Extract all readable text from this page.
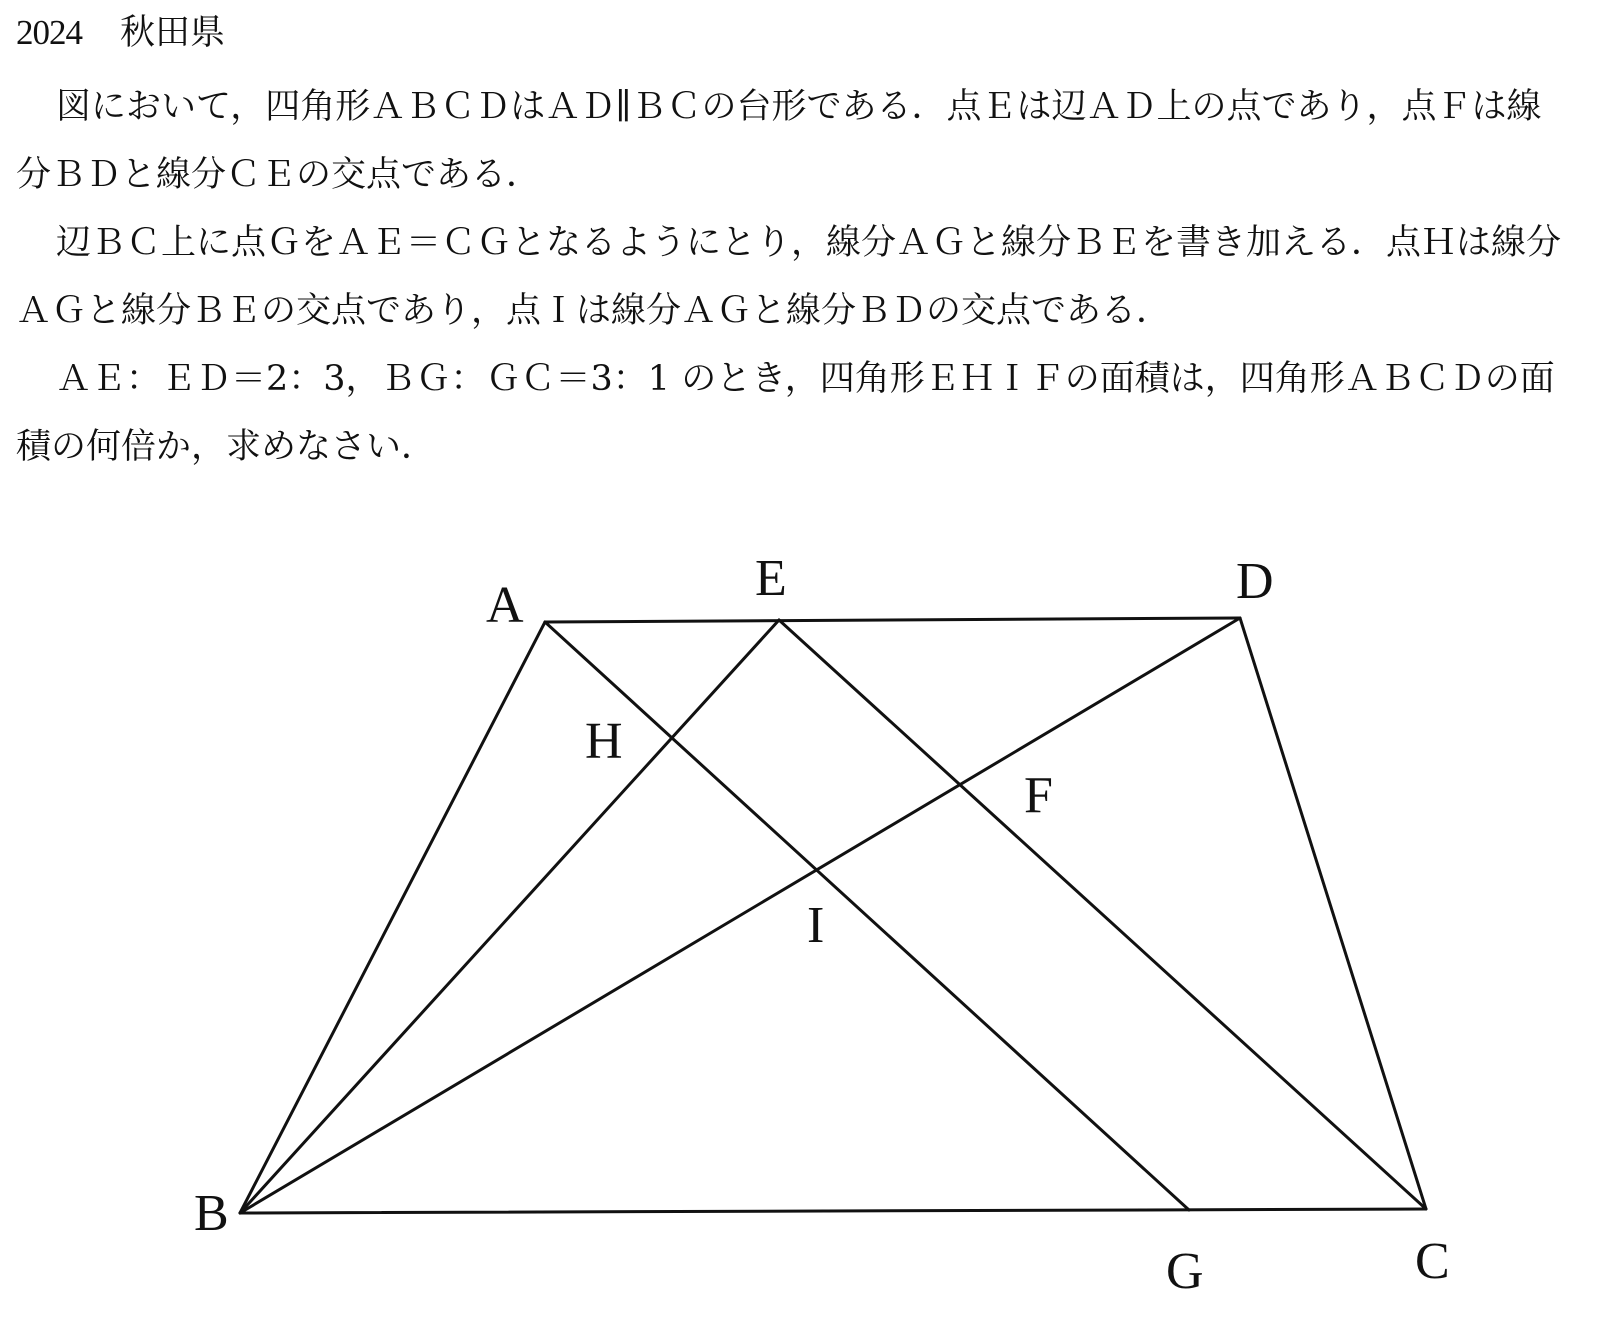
2024 秋田県

図において，四角形ＡＢＣＤはＡＤ∥ＢＣの台形である．点Ｅは辺ＡＤ上の点であり，点Ｆは線分ＢＤと線分ＣＥの交点である．

辺ＢＣ上に点ＧをＡＥ＝ＣＧとなるようにとり，線分ＡＧと線分ＢＥを書き加える．点Ｈは線分ＡＧと線分ＢＥの交点であり，点Ｉは線分ＡＧと線分ＢＤの交点である．

ＡＥ：ＥＤ＝2：3，ＢＧ：ＧＣ＝3：1 のとき，四角形ＥＨＩＦの面積は，四角形ＡＢＣＤの面積の何倍か，求めなさい．

A	E	D
H
F
I
B
G	C
